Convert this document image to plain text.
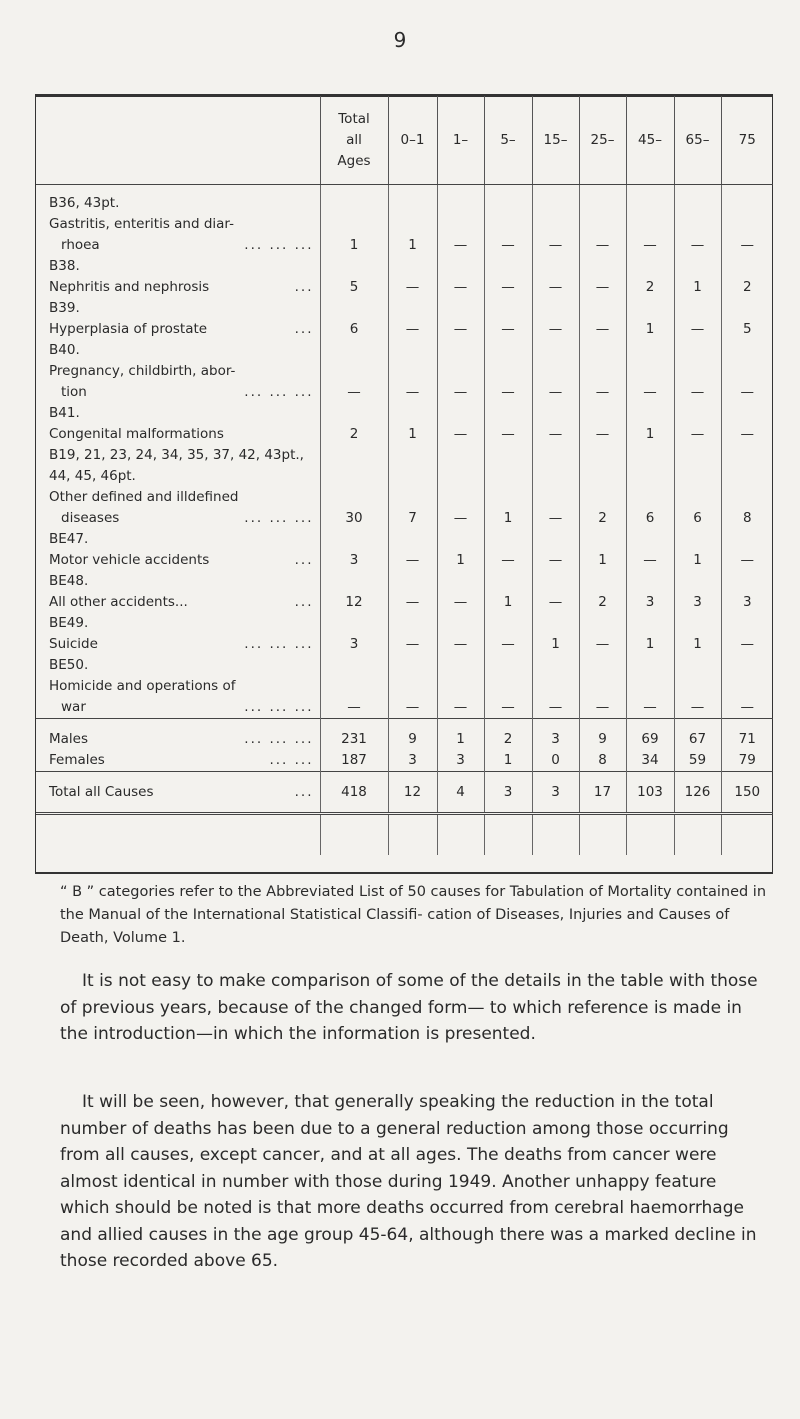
9
	Total all Ages	0–1	1–	5–	15–	25–	45–	65–	75

B36, 43pt.
Gastritis, enteritis and diar-
rhoea ... ... ...	1	1	—	—	—	—	—	—	—

B38.
Nephritis and nephrosis ...	5	—	—	—	—	—	2	1	2

B39.
Hyperplasia of prostate ...	6	—	—	—	—	—	1	—	5

B40.
Pregnancy, childbirth, abor-
tion ... ... ...	—	—	—	—	—	—	—	—	—

B41.
Congenital malformations	2	1	—	—	—	—	1	—	—

B19, 21, 23, 24, 34, 35, 37, 42, 43pt., 44, 45, 46pt.
Other defined and illdefined
diseases ... ... ...	30	7	—	1	—	2	6	6	8

BE47.
Motor vehicle accidents ...	3	—	1	—	—	1	—	1	—

BE48.
All other accidents... ...	12	—	—	1	—	2	3	3	3

BE49.
Suicide ... ... ...	3	—	—	—	1	—	1	1	—

BE50.
Homicide and operations of
war ... ... ...	—	—	—	—	—	—	—	—	—

Males ... ... ...	231	9	1	2	3	9	69	67	71

Females ... ...	187	3	3	1	0	8	34	59	79

Total all Causes ...	418	12	4	3	3	17	103	126	150

“ B ” categories refer to the Abbreviated List of 50 causes for Tabulation of Mortality contained in the Manual of the International Statistical Classifi- cation of Diseases, Injuries and Causes of Death, Volume 1.
It is not easy to make comparison of some of the details in the table with those of previous years, because of the changed form— to which reference is made in the introduction—in which the information is presented.
It will be seen, however, that generally speaking the reduction in the total number of deaths has been due to a general reduction among those occurring from all causes, except cancer, and at all ages. The deaths from cancer were almost identical in number with those during 1949. Another unhappy feature which should be noted is that more deaths occurred from cerebral haemorrhage and allied causes in the age group 45-64, although there was a marked decline in those recorded above 65.
